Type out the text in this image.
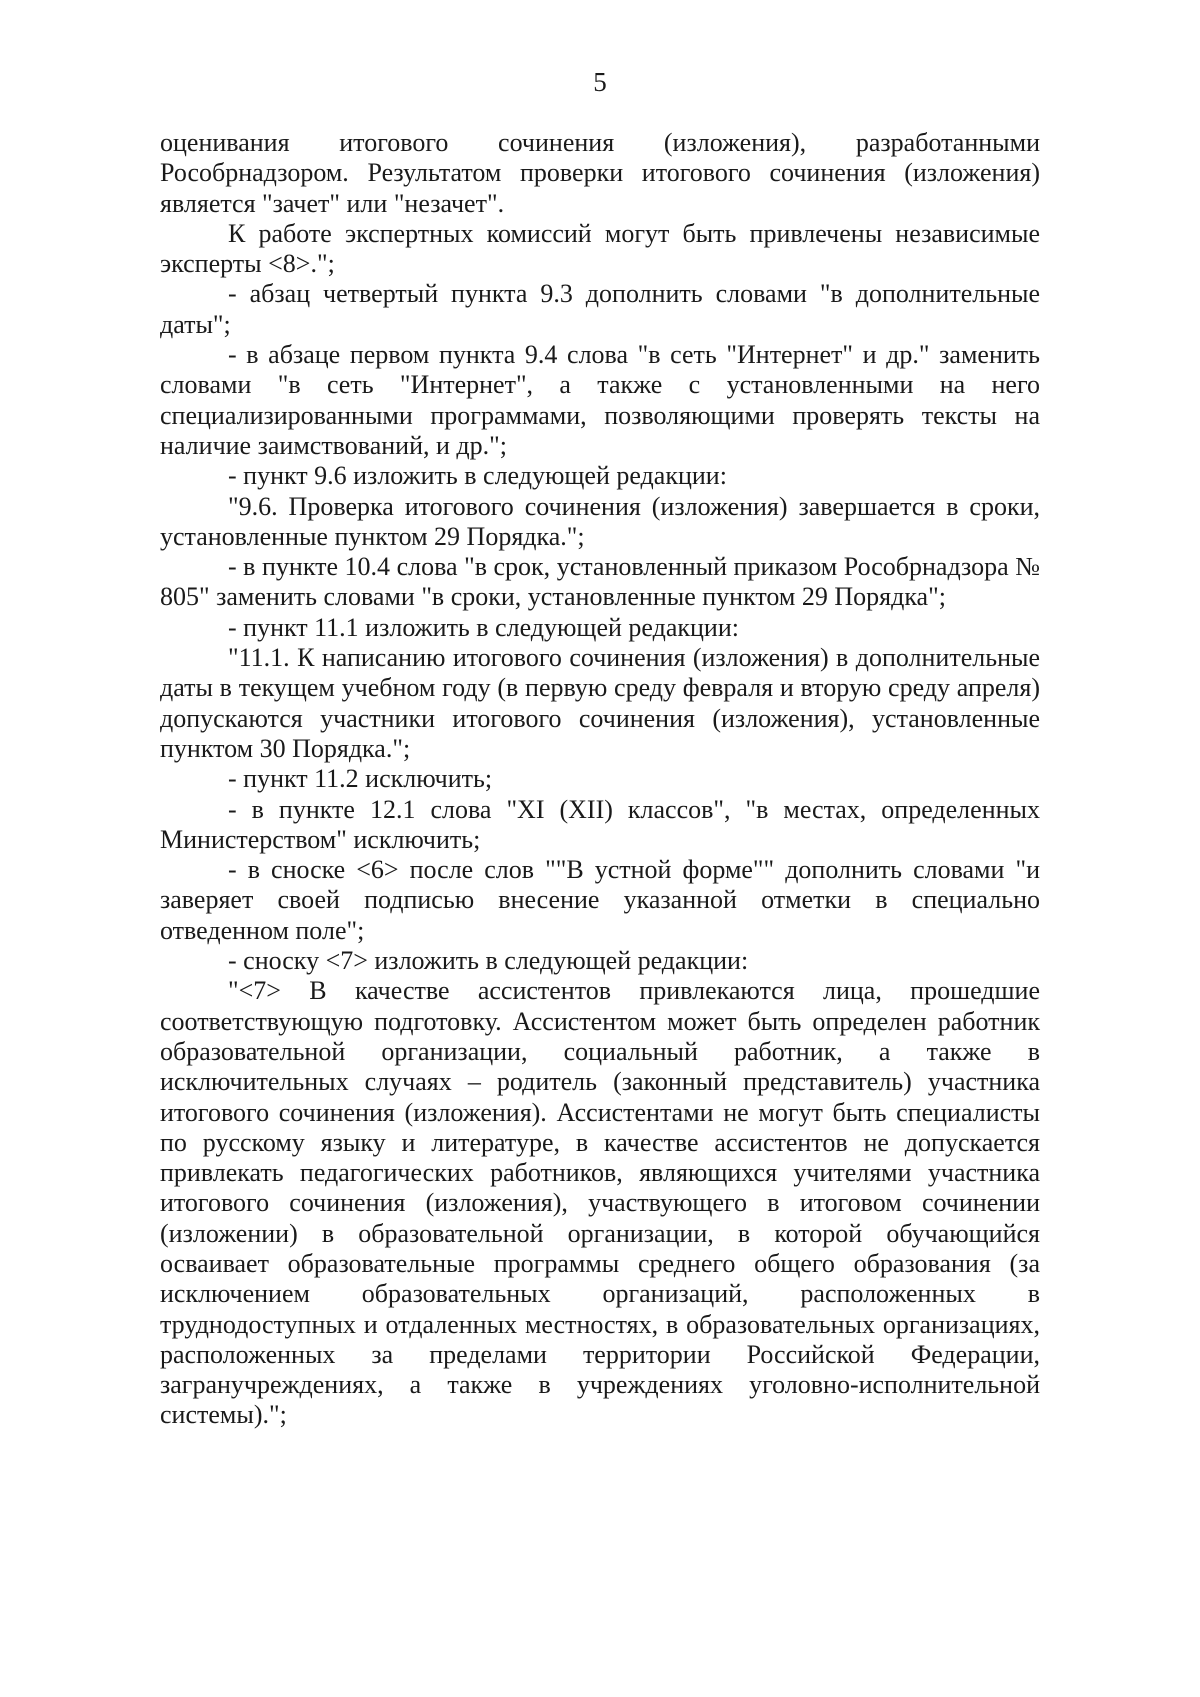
5

оценивания итогового сочинения (изложения), разработанными Рособрнадзором. Результатом проверки итогового сочинения (изложения) является "зачет" или "незачет".

К работе экспертных комиссий могут быть привлечены независимые эксперты <8>.";

- абзац четвертый пункта 9.3 дополнить словами "в дополнительные даты";

- в абзаце первом пункта 9.4 слова "в сеть "Интернет" и др." заменить словами "в сеть "Интернет", а также с установленными на него специализированными программами, позволяющими проверять тексты на наличие заимствований, и др.";

- пункт 9.6 изложить в следующей редакции:

"9.6. Проверка итогового сочинения (изложения) завершается в сроки, установленные пунктом 29 Порядка.";

- в пункте 10.4 слова "в срок, установленный приказом Рособрнадзора № 805" заменить словами "в сроки, установленные пунктом 29 Порядка";

- пункт 11.1 изложить в следующей редакции:

"11.1. К написанию итогового сочинения (изложения) в дополнительные даты в текущем учебном году (в первую среду февраля и вторую среду апреля) допускаются участники итогового сочинения (изложения), установленные пунктом 30 Порядка.";

- пункт 11.2 исключить;

- в пункте 12.1 слова "XI (XII) классов", "в местах, определенных Министерством" исключить;

- в сноске <6> после слов ""В устной форме"" дополнить словами "и заверяет своей подписью внесение указанной отметки в специально отведенном поле";

- сноску <7> изложить в следующей редакции:

"<7> В качестве ассистентов привлекаются лица, прошедшие соответствующую подготовку. Ассистентом может быть определен работник образовательной организации, социальный работник, а также в исключительных случаях – родитель (законный представитель) участника итогового сочинения (изложения). Ассистентами не могут быть специалисты по русскому языку и литературе, в качестве ассистентов не допускается привлекать педагогических работников, являющихся учителями участника итогового сочинения (изложения), участвующего в итоговом сочинении (изложении) в образовательной организации, в которой обучающийся осваивает образовательные программы среднего общего образования (за исключением образовательных организаций, расположенных в труднодоступных и отдаленных местностях, в образовательных организациях, расположенных за пределами территории Российской Федерации, загранучреждениях, а также в учреждениях уголовно-исполнительной системы).";
